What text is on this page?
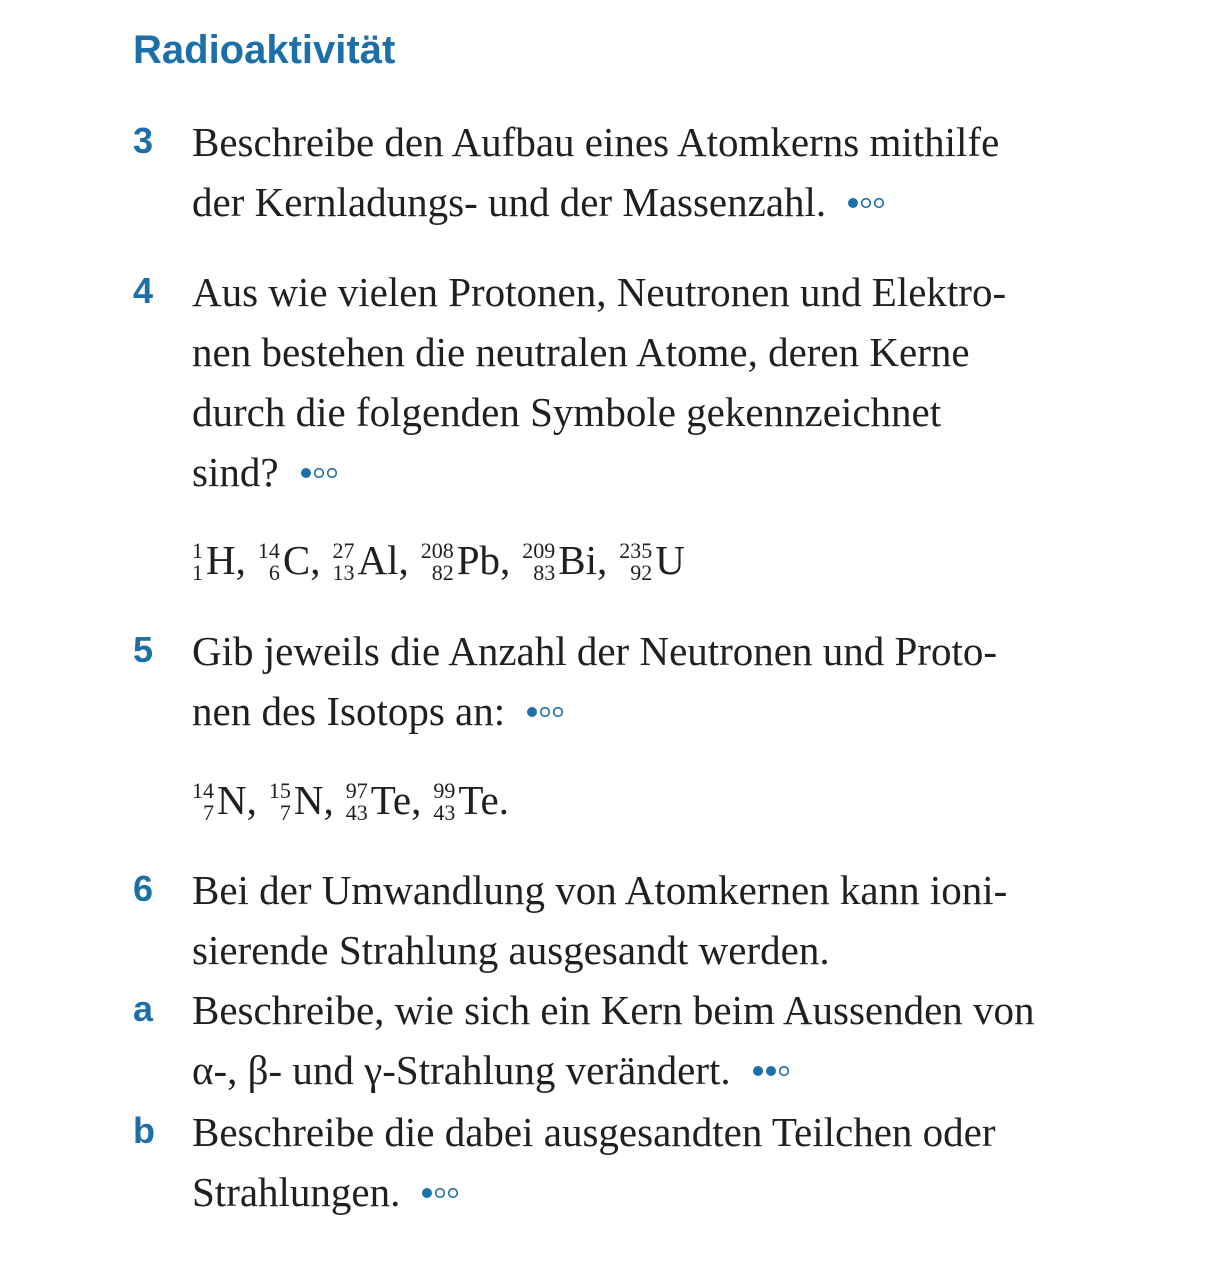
Radioaktivität
3 Beschreibe den Aufbau eines Atomkerns mithilfe
der Kernladungs- und der Massenzahl.
4 Aus wie vielen Protonen, Neutronen und Elektro-
nen bestehen die neutralen Atome, deren Kerne
durch die folgenden Symbole gekennzeichnet
sind?
1
1 H , 14
6 C , 27
13 Al , 208
82 Pb , 209
83 Bi , 235
92 U
5 Gib jeweils die Anzahl der Neutronen und Proto-
nen des Isotops an:
14
7 N , 15
7 N , 97
43 Te , 99
43 Te .
6 Bei der Umwandlung von Atomkernen kann ioni-
sierende Strahlung ausgesandt werden.
a Beschreibe, wie sich ein Kern beim Aussenden von
α-, β- und γ-Strahlung verändert.
b Beschreibe die dabei ausgesandten Teilchen oder
Strahlungen.
